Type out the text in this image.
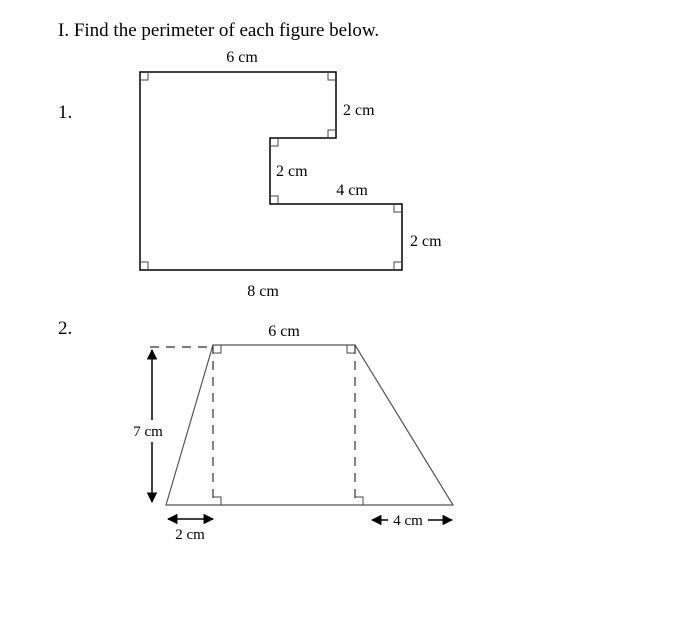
I. Find the perimeter of each figure below.
1.
2.
6 cm
2 cm
2 cm
4 cm
2 cm
8 cm
7 cm
6 cm
2 cm
4 cm
